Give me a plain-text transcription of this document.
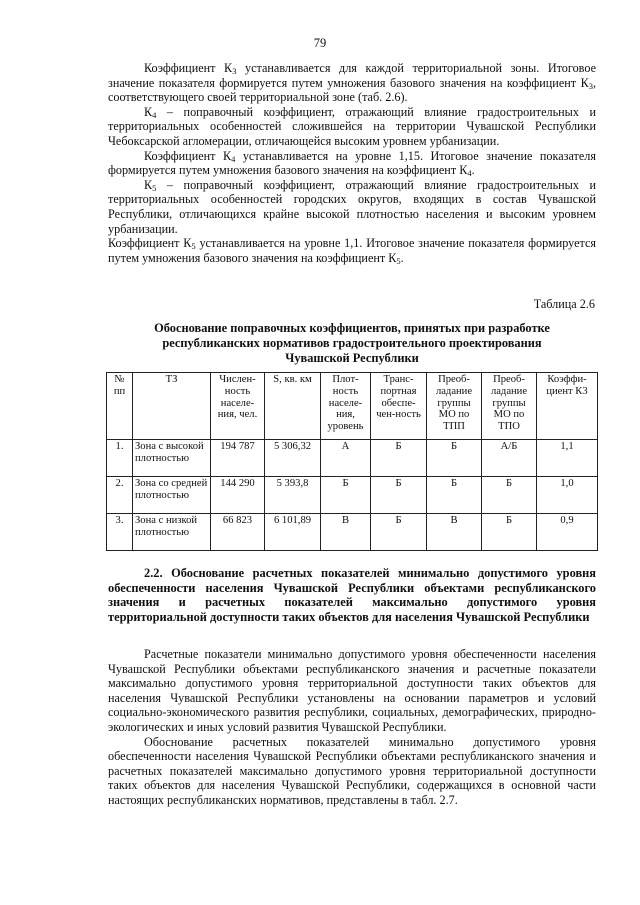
79

Коэффициент $К_3$ устанавливается для каждой территориальной зоны. Итоговое значение показателя формируется путем умножения базового значения на коэффициент $К_3$, соответствующего своей территориальной зоне (таб. 2.6).

$К_4$ – поправочный коэффициент, отражающий влияние градостроительных и территориальных особенностей сложившейся на территории Чувашской Республики Чебоксарской агломерации, отличающейся высоким уровнем урбанизации.

Коэффициент $К_4$ устанавливается на уровне 1,15. Итоговое значение показателя формируется путем умножения базового значения на коэффициент $К_4$.

$К_5$ – поправочный коэффициент, отражающий влияние градостроительных и территориальных особенностей городских округов, входящих в состав Чувашской Республики, отличающихся крайне высокой плотностью населения и высоким уровнем урбанизации.

Коэффициент $К_5$ устанавливается на уровне 1,1. Итоговое значение показателя формируется путем умножения базового значения на коэффициент $К_5$.

Таблица 2.6
Обоснование поправочных коэффициентов, принятых при разработке
республиканских нормативов градостроительного проектирования
Чувашской Республики
№ пп	ТЗ	Числен-ность населе-ния, чел.	S, кв. км	Плот-ность населе-ния, уровень	Транс-портная обеспе-чен-ность	Преоб-ладание группы МО по ТПП	Преоб-ладание группы МО по ТПО	Коэффи-циент К3
1.	Зона с высокой плотностью	194 787	5 306,32	А	Б	Б	А/Б	1,1
2.	Зона со средней плотностью	144 290	5 393,8	Б	Б	Б	Б	1,0
3.	Зона с низкой плотностью	66 823	6 101,89	В	Б	В	Б	0,9

2.2. Обоснование расчетных показателей минимально допустимого уровня обеспеченности населения Чувашской Республики объектами республиканского значения и расчетных показателей максимально допустимого уровня территориальной доступности таких объектов для населения Чувашской Республики

Расчетные показатели минимально допустимого уровня обеспеченности населения Чувашской Республики объектами республиканского значения и расчетные показатели максимально допустимого уровня территориальной доступности таких объектов для населения Чувашской Республики установлены на основании параметров и условий социально-экономического развития республики, социальных, демографических, природно-экологических и иных условий развития Чувашской Республики.

Обоснование расчетных показателей минимально допустимого уровня обеспеченности населения Чувашской Республики объектами республиканского значения и расчетных показателей максимально допустимого уровня территориальной доступности таких объектов для населения Чувашской Республики, содержащихся в основной части настоящих республиканских нормативов, представлены в табл. 2.7.
